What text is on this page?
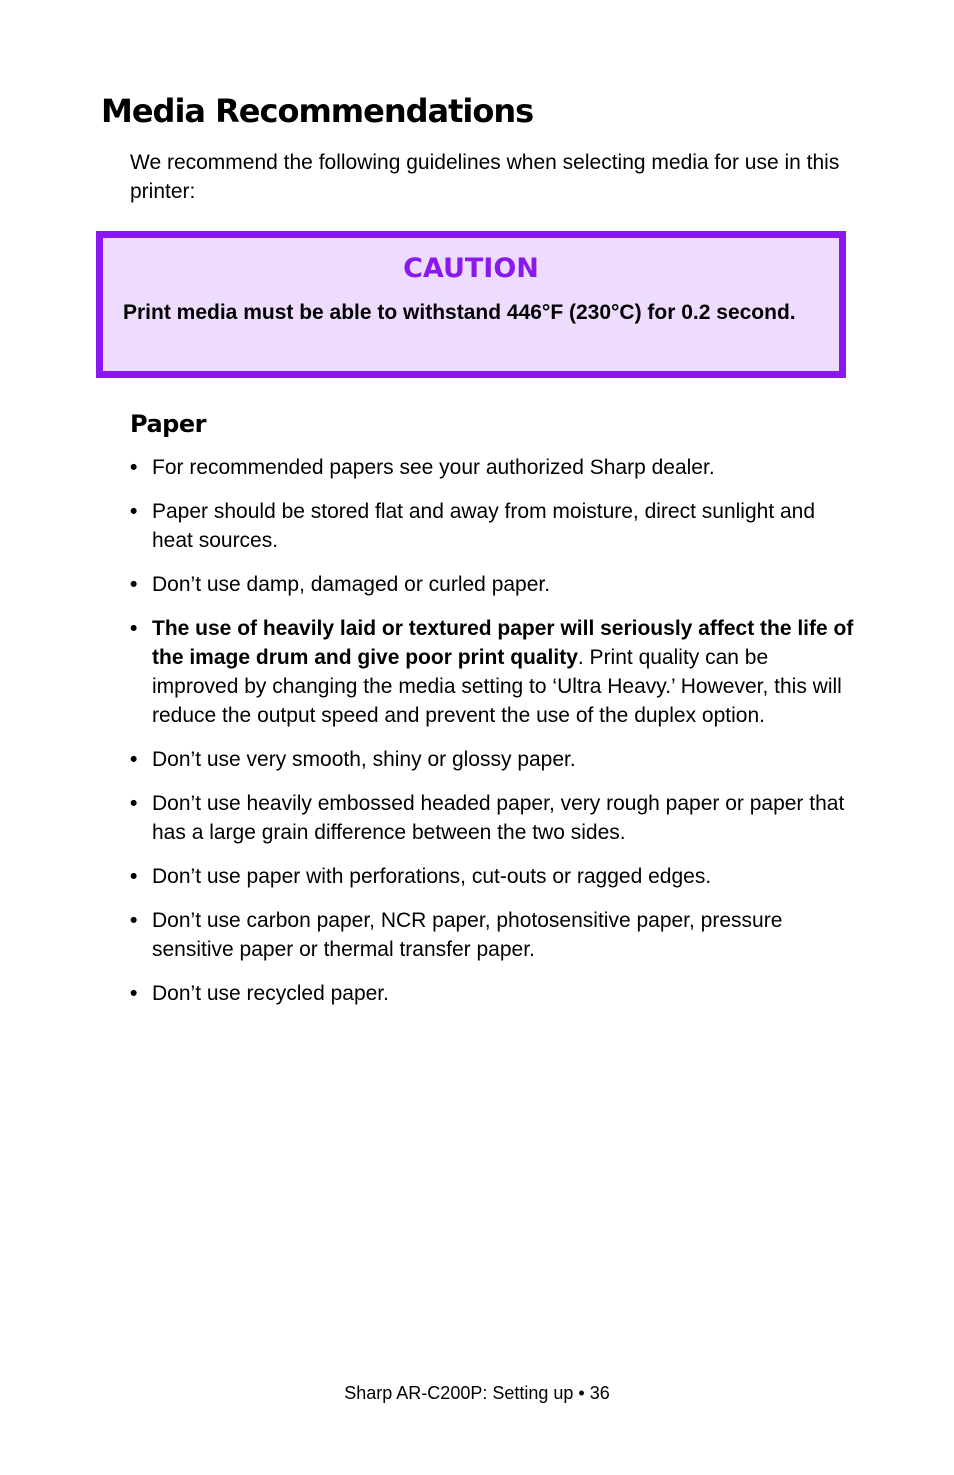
Media Recommendations

We recommend the following guidelines when selecting media for use in this printer:

CAUTION

Print media must be able to withstand 446°F (230°C) for 0.2 second.

Paper
• For recommended papers see your authorized Sharp dealer.
• Paper should be stored flat and away from moisture, direct sunlight and heat sources.
• Don’t use damp, damaged or curled paper.
• The use of heavily laid or textured paper will seriously affect the life of the image drum and give poor print quality. Print quality can be improved by changing the media setting to ‘Ultra Heavy.’ However, this will reduce the output speed and prevent the use of the duplex option.
• Don’t use very smooth, shiny or glossy paper.
• Don’t use heavily embossed headed paper, very rough paper or paper that has a large grain difference between the two sides.
• Don’t use paper with perforations, cut-outs or ragged edges.
• Don’t use carbon paper, NCR paper, photosensitive paper, pressure sensitive paper or thermal transfer paper.
• Don’t use recycled paper.

Sharp AR-C200P: Setting up • 36
